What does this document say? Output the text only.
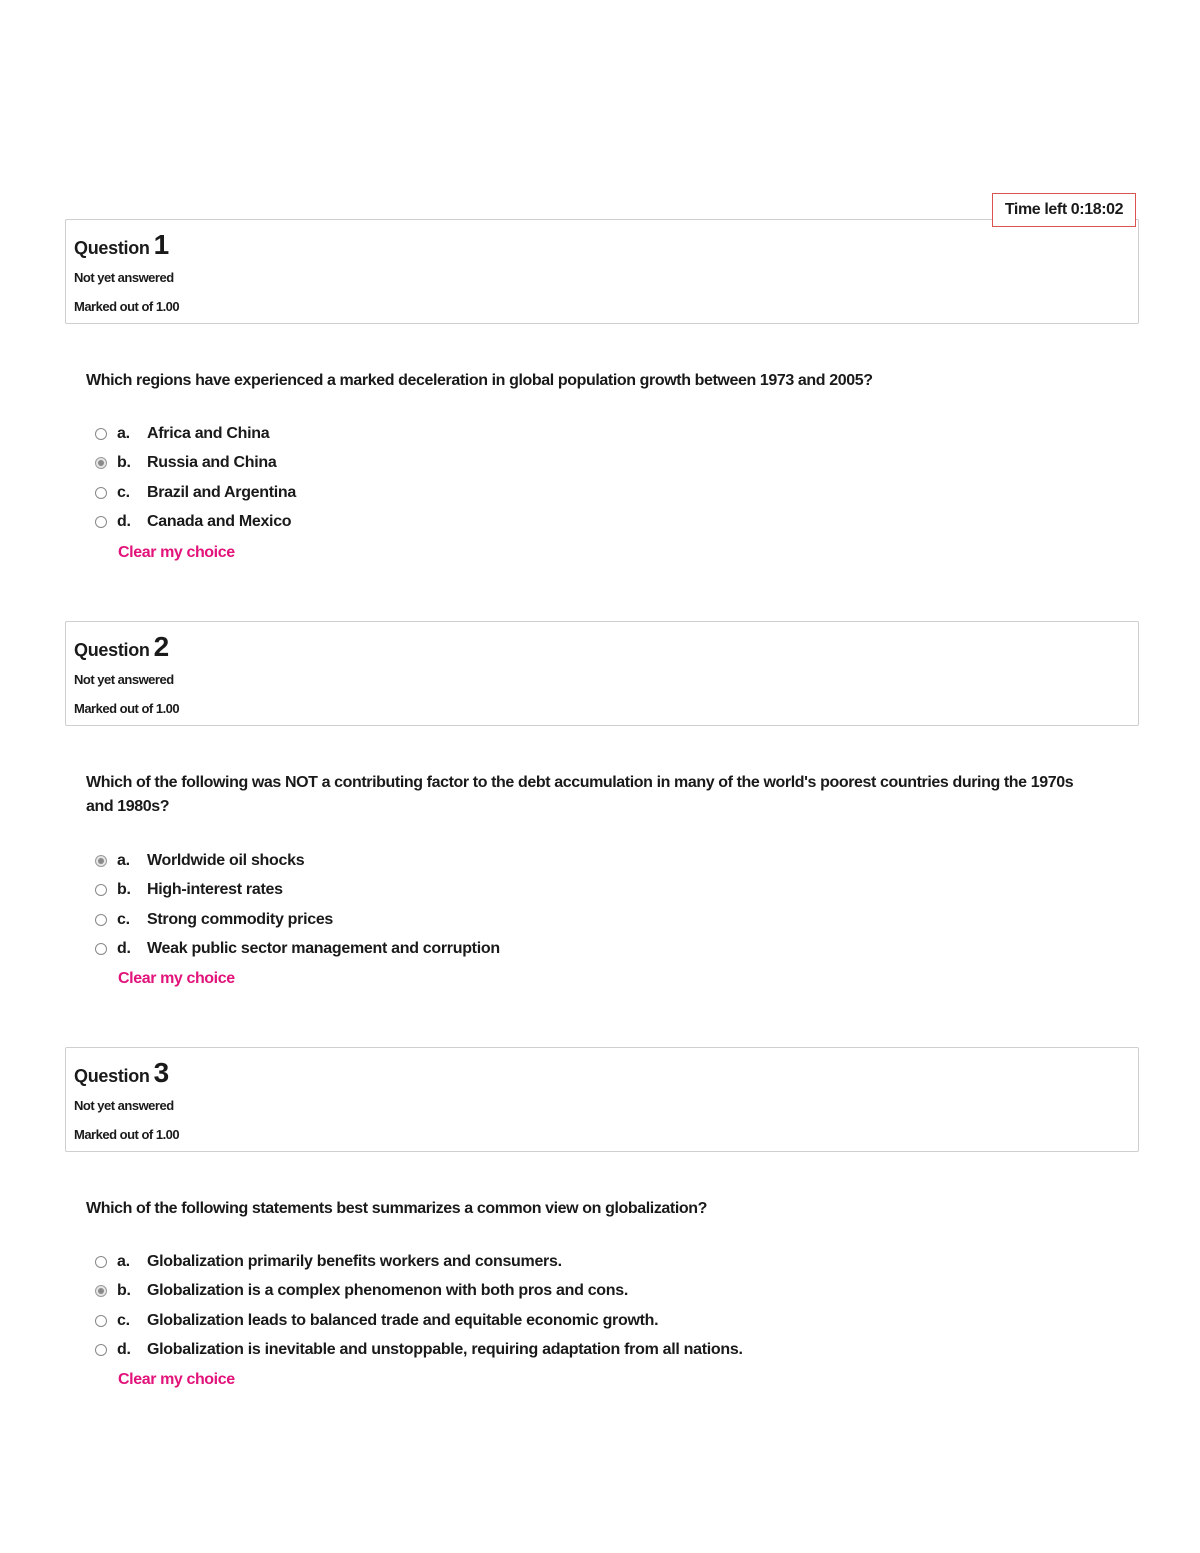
Time left 0:18:02
Question 1
Not yet answered
Marked out of 1.00
Which regions have experienced a marked deceleration in global population growth between 1973 and 2005?
a.	Africa and China
b.	Russia and China
c.	Brazil and Argentina
d.	Canada and Mexico
Clear my choice
Question 2
Not yet answered
Marked out of 1.00
Which of the following was NOT a contributing factor to the debt accumulation in many of the world's poorest countries during the 1970s and 1980s?
a.	Worldwide oil shocks
b.	High-interest rates
c.	Strong commodity prices
d.	Weak public sector management and corruption
Clear my choice
Question 3
Not yet answered
Marked out of 1.00
Which of the following statements best summarizes a common view on globalization?
a.	Globalization primarily benefits workers and consumers.
b.	Globalization is a complex phenomenon with both pros and cons.
c.	Globalization leads to balanced trade and equitable economic growth.
d.	Globalization is inevitable and unstoppable, requiring adaptation from all nations.
Clear my choice
